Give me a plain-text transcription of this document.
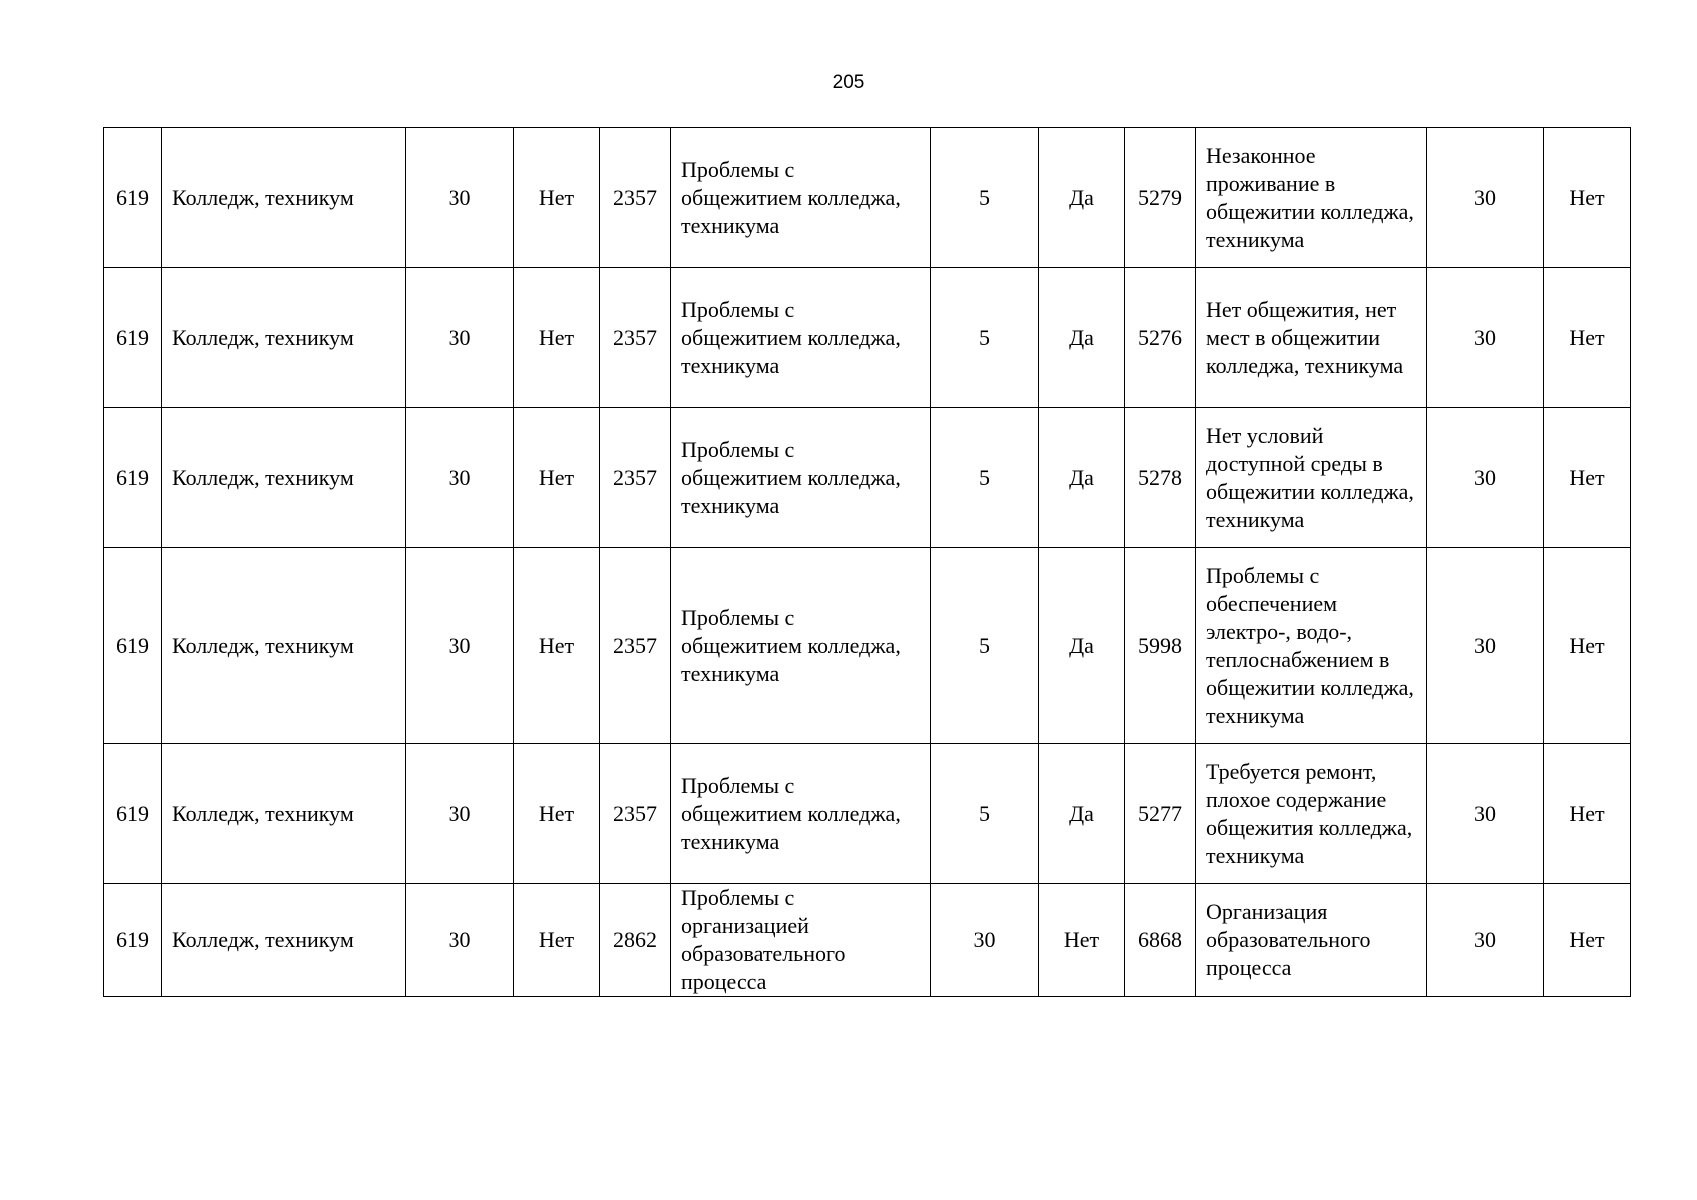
205
619	Колледж, техникум	30	Нет	2357	Проблемы с общежитием колледжа, техникума	5	Да	5279	Незаконное проживание в общежитии колледжа, техникума	30	Нет
619	Колледж, техникум	30	Нет	2357	Проблемы с общежитием колледжа, техникума	5	Да	5276	Нет общежития, нет мест в общежитии колледжа, техникума	30	Нет
619	Колледж, техникум	30	Нет	2357	Проблемы с общежитием колледжа, техникума	5	Да	5278	Нет условий доступной среды в общежитии колледжа, техникума	30	Нет
619	Колледж, техникум	30	Нет	2357	Проблемы с общежитием колледжа, техникума	5	Да	5998	Проблемы с обеспечением электро-, водо-, теплоснабжением в общежитии колледжа, техникума	30	Нет
619	Колледж, техникум	30	Нет	2357	Проблемы с общежитием колледжа, техникума	5	Да	5277	Требуется ремонт, плохое содержание общежития колледжа, техникума	30	Нет
619	Колледж, техникум	30	Нет	2862	Проблемы с организацией образовательного процесса	30	Нет	6868	Организация образовательного процесса	30	Нет
